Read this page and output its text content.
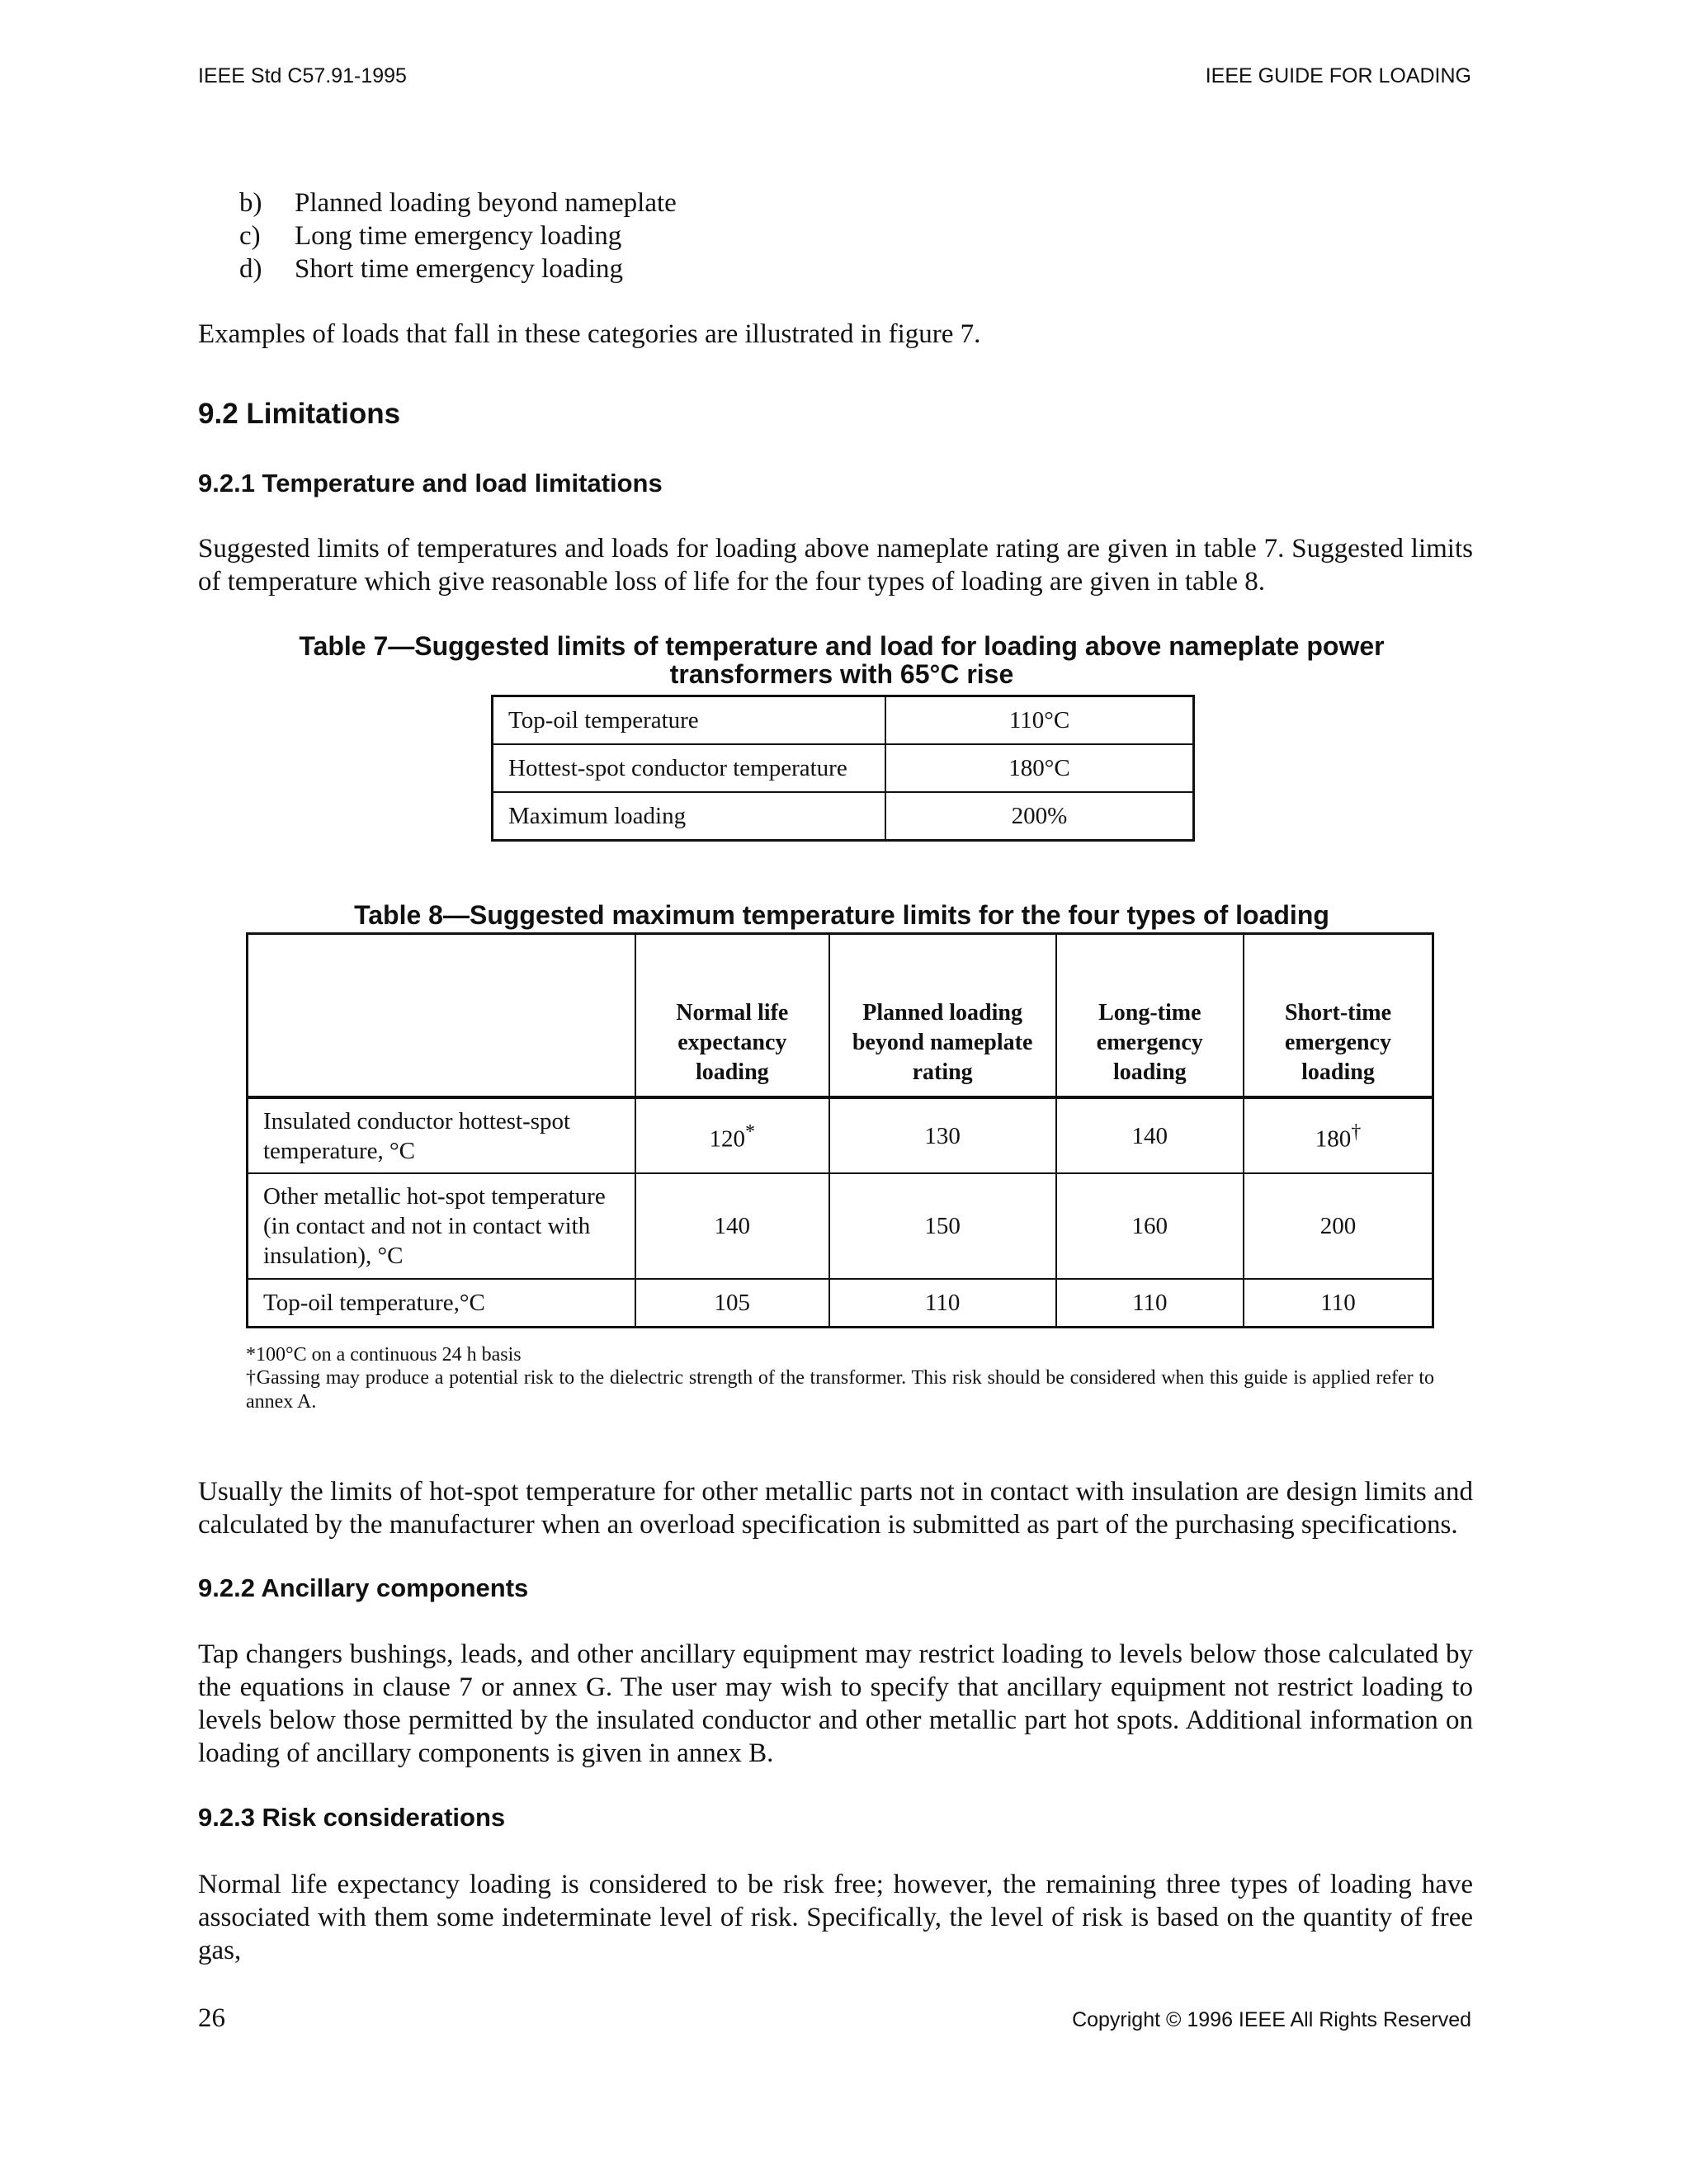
IEEE Std C57.91-1995	IEEE GUIDE FOR LOADING
b)	Planned loading beyond nameplate
c)	Long time emergency loading
d)	Short time emergency loading
Examples of loads that fall in these categories are illustrated in figure 7.
9.2 Limitations
9.2.1 Temperature and load limitations
Suggested limits of temperatures and loads for loading above nameplate rating are given in table 7. Suggested limits of temperature which give reasonable loss of life for the four types of loading are given in table 8.
Table 7—Suggested limits of temperature and load for loading above nameplate power transformers with 65°C rise
Top-oil temperature	110°C
Hottest-spot conductor temperature	180°C
Maximum loading	200%
Table 8—Suggested maximum temperature limits for the four types of loading
	Normal life expectancy loading	Planned loading beyond nameplate rating	Long-time emergency loading	Short-time emergency loading
Insulated conductor hottest-spot temperature, °C	120*	130	140	180†
Other metallic hot-spot temperature (in contact and not in contact with insulation), °C	140	150	160	200
Top-oil temperature,°C	105	110	110	110
*100°C on a continuous 24 h basis
†Gassing may produce a potential risk to the dielectric strength of the transformer. This risk should be considered when this guide is applied refer to annex A.
Usually the limits of hot-spot temperature for other metallic parts not in contact with insulation are design limits and calculated by the manufacturer when an overload specification is submitted as part of the purchasing specifications.
9.2.2 Ancillary components
Tap changers bushings, leads, and other ancillary equipment may restrict loading to levels below those calculated by the equations in clause 7 or annex G. The user may wish to specify that ancillary equipment not restrict loading to levels below those permitted by the insulated conductor and other metallic part hot spots. Additional information on loading of ancillary components is given in annex B.
9.2.3 Risk considerations
Normal life expectancy loading is considered to be risk free; however, the remaining three types of loading have associated with them some indeterminate level of risk. Specifically, the level of risk is based on the quantity of free gas,
26	Copyright © 1996 IEEE All Rights Reserved
